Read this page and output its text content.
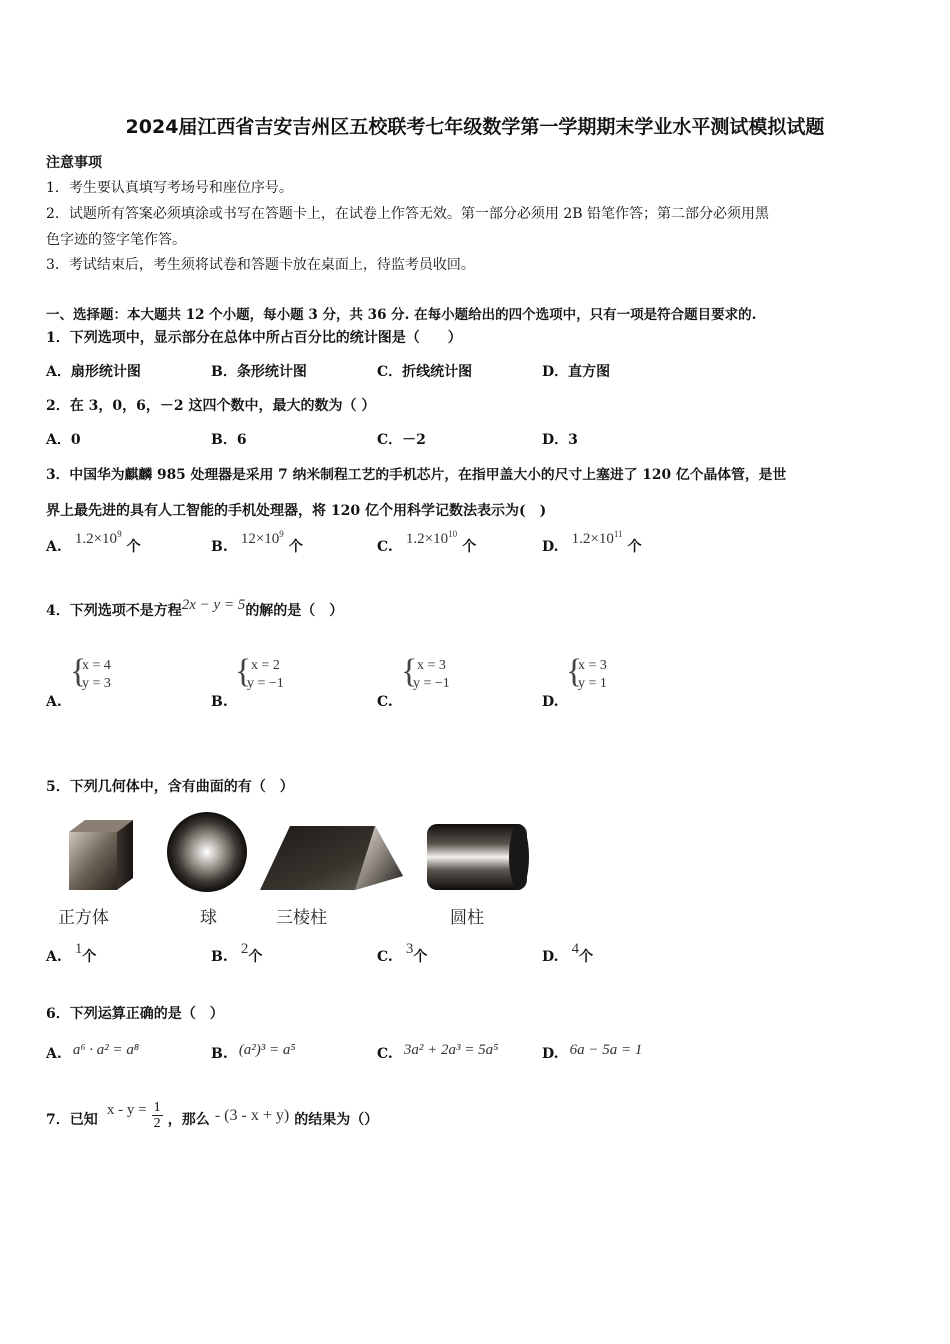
2024届江西省吉安吉州区五校联考七年级数学第一学期期末学业水平测试模拟试题
注意事项
1．考生要认真填写考场号和座位序号。
2．试题所有答案必须填涂或书写在答题卡上，在试卷上作答无效。第一部分必须用 2B 铅笔作答；第二部分必须用黑
色字迹的签字笔作答。
3．考试结束后，考生须将试卷和答题卡放在桌面上，待监考员收回。
一、选择题：本大题共 12 个小题，每小题 3 分，共 36 分. 在每小题给出的四个选项中，只有一项是符合题目要求的.
1．下列选项中，显示部分在总体中所占百分比的统计图是（　　）
A．扇形统计图	B．条形统计图	C．折线统计图	D．直方图
2．在 3，0，6，－2 这四个数中，最大的数为（ ）
A．0	B．6	C．－2	D．3
3．中国华为麒麟 985 处理器是采用 7 纳米制程工艺的手机芯片，在指甲盖大小的尺寸上塞进了 120 亿个晶体管，是世
界上最先进的具有人工智能的手机处理器，将 120 亿个用科学记数法表示为(　)
A. $1.2\times 10^9$ 个	B. $12\times 10^9$ 个	C. $1.2\times 10^{10}$ 个	D. $1.2\times 10^{11}$ 个
4．下列选项不是方程2x − y = 5的解的是（　）
A.
{
x = 4
y = 3
B.
{ x = 2
y = −1
C.
{ x = 3
y = −1
D.
{
x = 3
y = 1
5．下列几何体中，含有曲面的有（　）
正方体	球	三棱柱	圆柱
A. 1个	B. 2个	C. 3个	D. 4个
6．下列运算正确的是（　）
A. a⁶ · a² = a⁸	B. (a²)³ = a⁵	C. 3a² + 2a³ = 5a⁵	D. 6a − 5a = 1
7．已知 $x - y = \frac{1}{2}$ ，那么 - (3 - x + y) 的结果为（）
